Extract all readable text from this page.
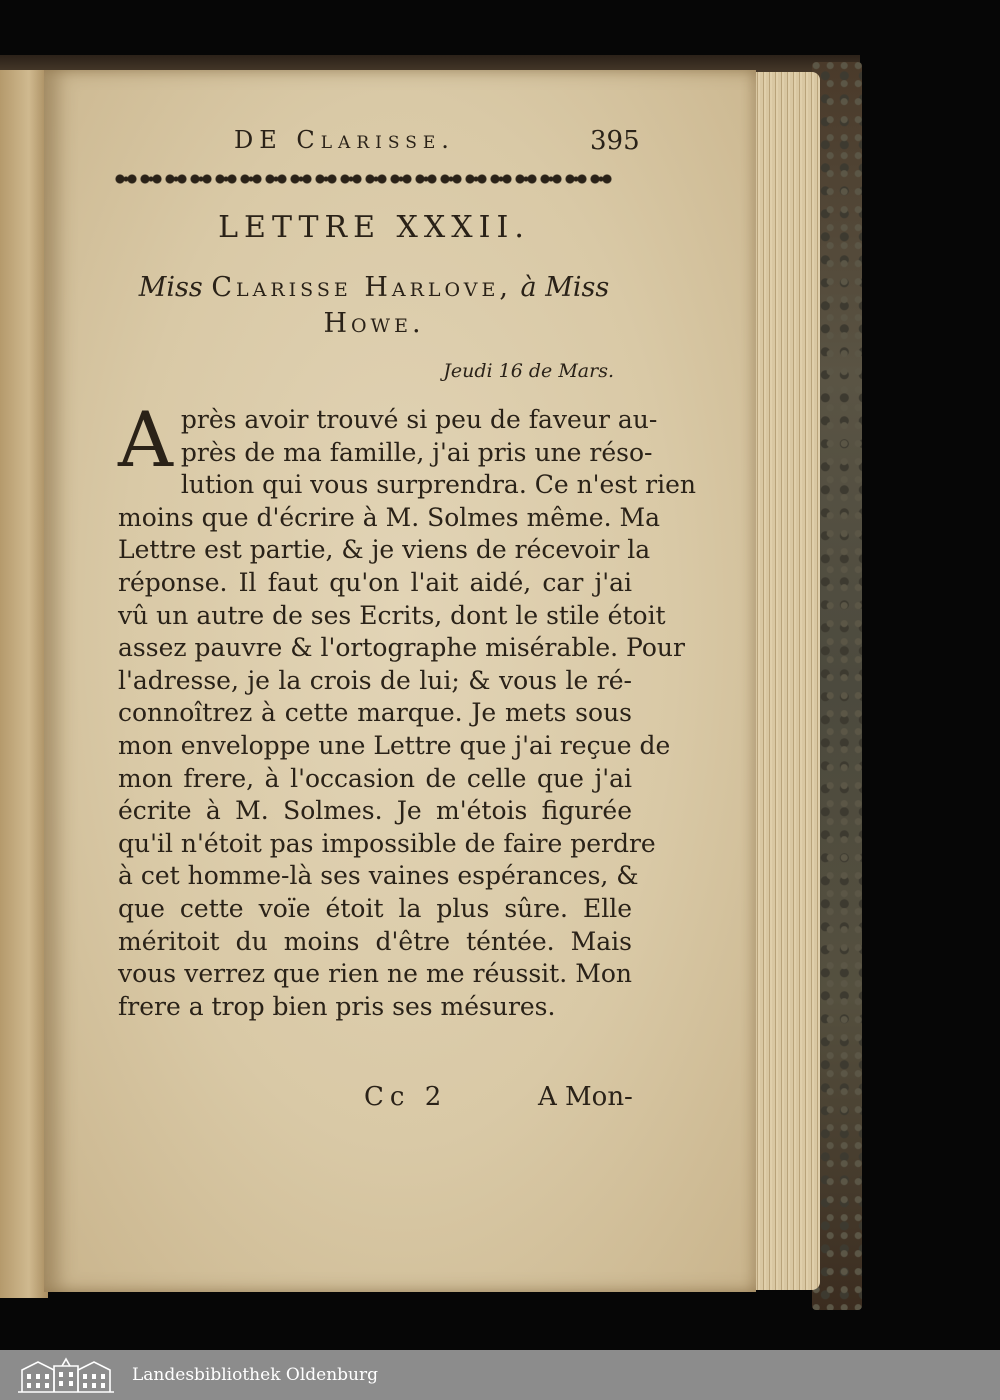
DE Clarisse.	395
LETTRE XXXII.
Miss Clarisse Harlove, à Miss
Howe.
Jeudi 16 de Mars.
A près avoir trouvé si peu de faveur au-
près de ma famille, j'ai pris une réso-
lution qui vous surprendra. Ce n'est rien
moins que d'écrire à M. Solmes même. Ma
Lettre est partie, & je viens de récevoir la
réponse. Il faut qu'on l'ait aidé, car j'ai
vû un autre de ses Ecrits, dont le stile étoit
assez pauvre & l'ortographe misérable. Pour
l'adresse, je la crois de lui; & vous le ré-
connoîtrez à cette marque. Je mets sous
mon enveloppe une Lettre que j'ai reçue de
mon frere, à l'occasion de celle que j'ai
écrite à M. Solmes. Je m'étois figurée
qu'il n'étoit pas impossible de faire perdre
à cet homme-là ses vaines espérances, &
que cette voïe étoit la plus sûre. Elle
méritoit du moins d'être téntée. Mais
vous verrez que rien ne me réussit. Mon
frere a trop bien pris ses mésures.
Cc 2	A Mon-
Landesbibliothek Oldenburg
